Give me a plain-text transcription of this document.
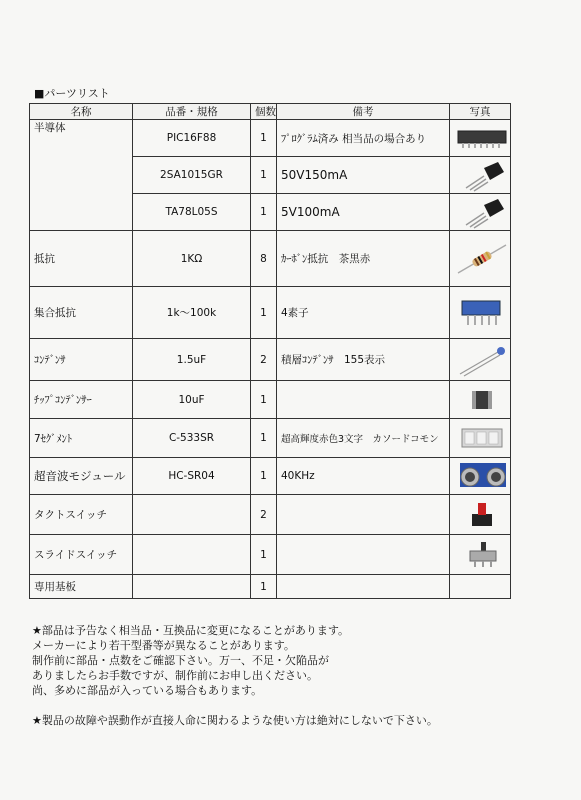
■パーツリスト
名称	品番・規格	個数	備考	写真
半導体	PIC16F88	1	ﾌﾟﾛｸﾞﾗﾑ済み 相当品の場合あり	

	2SA1015GR	1	50V150mA	

	TA78L05S	1	5V100mA	

抵抗	1KΩ	8	ｶｰﾎﾞﾝ抵抗　茶黒赤	

集合抵抗	1k～100k	1	4素子	

ｺﾝﾃﾞﾝｻ	1.5uF	2	積層ｺﾝﾃﾞﾝｻ　155表示	

ﾁｯﾌﾟｺﾝﾃﾞﾝｻｰ	10uF	1		

7ｾｸﾞﾒﾝﾄ	C-533SR	1	超高輝度赤色3文字　カソードコモン	

超音波モジュール	HC-SR04	1	40KHz	

タクトスイッチ		2		

スライドスイッチ		1		

専用基板		1		

★部品は予告なく相当品・互換品に変更になることがあります。

メーカーにより若干型番等が異なることがあります。

制作前に部品・点数をご確認下さい。万一、不足・欠陥品が

ありましたらお手数ですが、制作前にお申し出ください。

尚、多めに部品が入っている場合もあります。

★製品の故障や誤動作が直接人命に関わるような使い方は絶対にしないで下さい。
